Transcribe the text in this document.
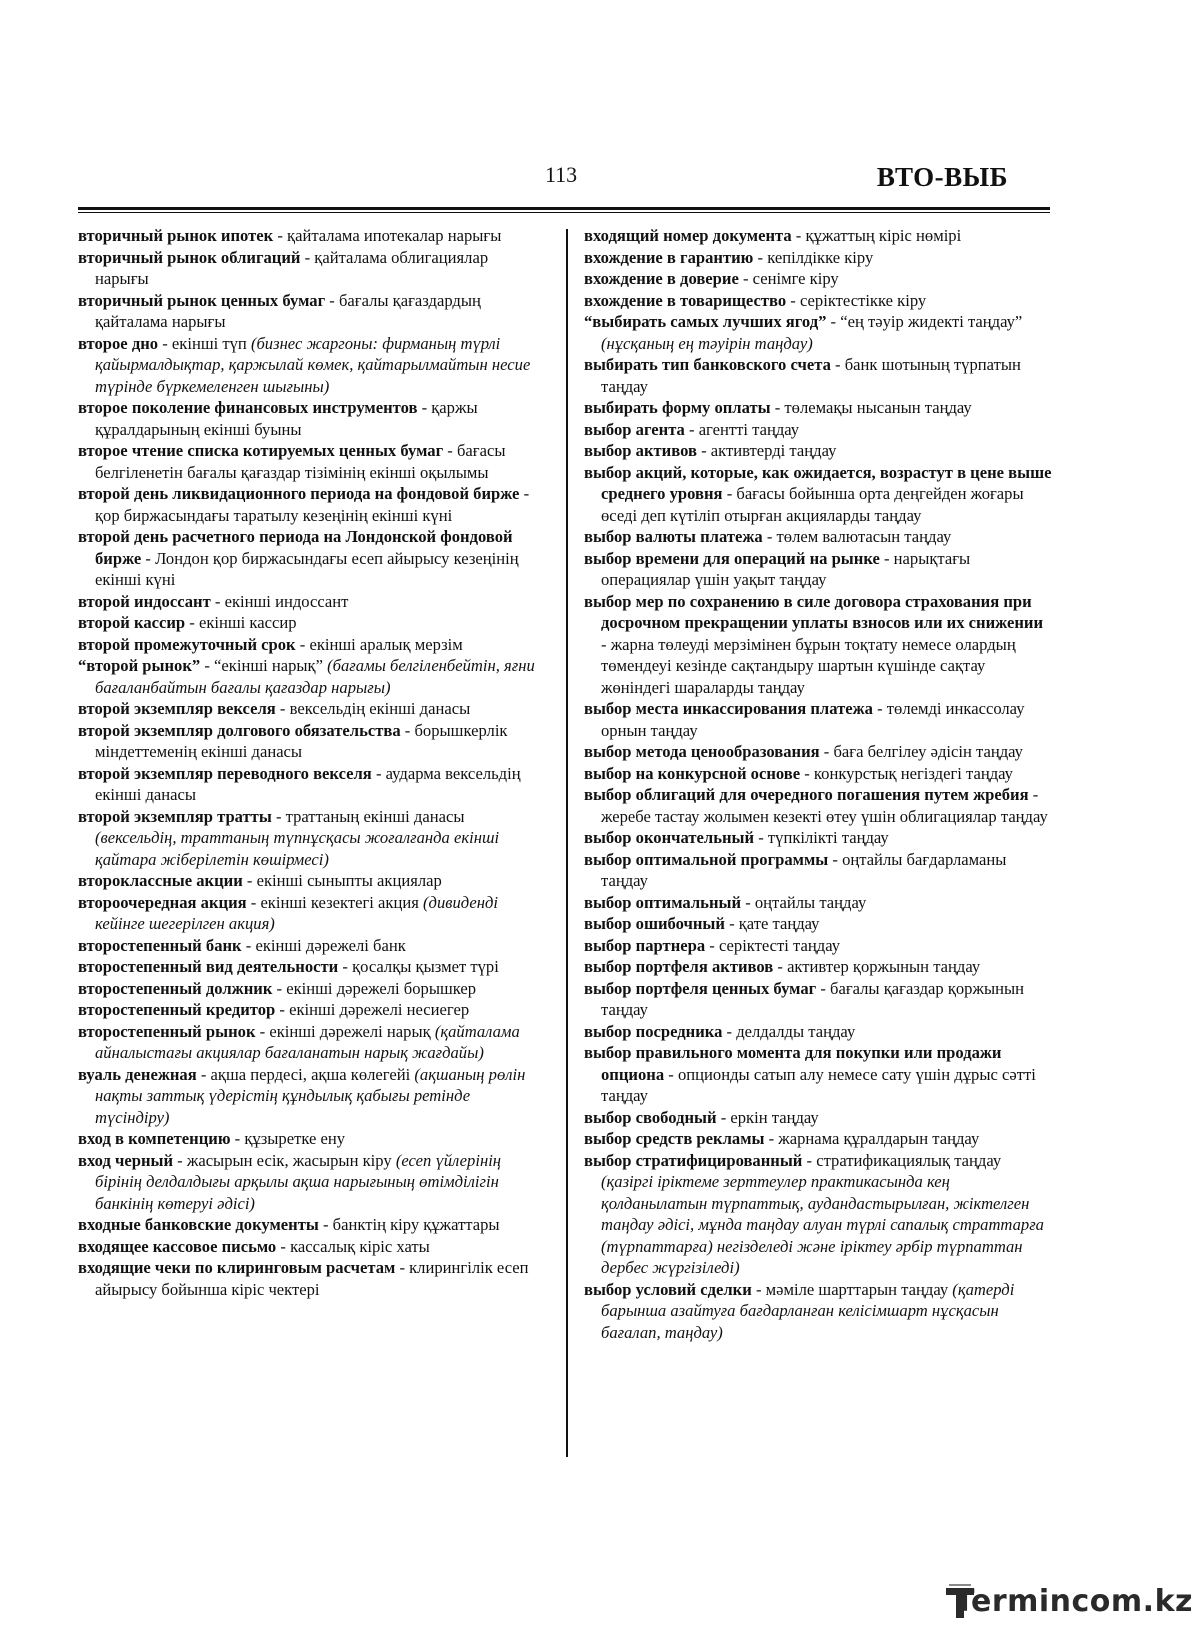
113	ВТО-ВЫБ

вторичный рынок ипотек - қайталама ипотекалар нарығы

вторичный рынок облигаций - қайталама облигациялар нарығы

вторичный рынок ценных бумаг - бағалы қағаздардың қайталама нарығы

второе дно - екінші түп (бизнес жаргоны: фирманың түрлі қайырмалдықтар, қаржылай көмек, қайтарылмайтын несие түрінде бүркемеленген шығыны)

второе поколение финансовых инструментов - қаржы құралдарының екінші буыны

второе чтение списка котируемых ценных бумаг - бағасы белгіленетін бағалы қағаздар тізімінің екінші оқылымы

второй день ликвидационного периода на фондовой бирже - қор биржасындағы таратылу кезеңінің екінші күні

второй день расчетного периода на Лондонской фондовой бирже - Лондон қор биржасындағы есеп айырысу кезеңінің екінші күні

второй индоссант - екінші индоссант

второй кассир - екінші кассир

второй промежуточный срок - екінші аралық мерзім

“второй рынок” - “екінші нарық” (бағамы белгіленбейтін, яғни бағаланбайтын бағалы қағаздар нарығы)

второй экземпляр векселя - вексельдің екінші данасы

второй экземпляр долгового обязательства - борышкерлік міндеттеменің екінші данасы

второй экземпляр переводного векселя - аударма вексельдің екінші данасы

второй экземпляр тратты - траттаның екінші данасы (вексельдің, траттаның түпнұсқасы жоғалғанда екінші қайтара жіберілетін көшірмесі)

второклассные акции - екінші сыныпты акциялар

второочередная акция - екінші кезектегі акция (дивиденді кейінге шегерілген акция)

второстепенный банк - екінші дәрежелі банк

второстепенный вид деятельности - қосалқы қызмет түрі

второстепенный должник - екінші дәрежелі борышкер

второстепенный кредитор - екінші дәрежелі несиегер

второстепенный рынок - екінші дәрежелі нарық (қайталама айналыстағы акциялар бағаланатын нарық жағдайы)

вуаль денежная - ақша пердесі, ақша көлегейі (ақшаның рөлін нақты заттық үдерістің құндылық қабығы ретінде түсіндіру)

вход в компетенцию - құзыретке ену

вход черный - жасырын есік, жасырын кіру (есеп үйлерінің бірінің делдалдығы арқылы ақша нарығының өтімділігін банкінің көтеруі әдісі)

входные банковские документы - банктің кіру құжаттары

входящее кассовое письмо - кассалық кіріс хаты

входящие чеки по клиринговым расчетам - клирингілік есеп айырысу бойынша кіріс чектері

входящий номер документа - құжаттың кіріс нөмірі

вхождение в гарантию - кепілдікке кіру

вхождение в доверие - сенімге кіру

вхождение в товарищество - серіктестікке кіру

“выбирать самых лучших ягод” - “ең тәуір жидекті таңдау” (нұсқаның ең тәуірін таңдау)

выбирать тип банковского счета - банк шотының түрпатын таңдау

выбирать форму оплаты - төлемақы нысанын таңдау

выбор агента - агентті таңдау

выбор активов - активтерді таңдау

выбор акций, которые, как ожидается, возрастут в цене выше среднего уровня - бағасы бойынша орта деңгейден жоғары өседі деп күтіліп отырған акцияларды таңдау

выбор валюты платежа - төлем валютасын таңдау

выбор времени для операций на рынке - нарықтағы операциялар үшін уақыт таңдау

выбор мер по сохранению в силе договора страхования при досрочном прекращении уплаты взносов или их снижении - жарна төлеуді мерзімінен бұрын тоқтату немесе олардың төмендеуі кезінде сақтандыру шартын күшінде сақтау жөніндегі шараларды таңдау

выбор места инкассирования платежа - төлемді инкассолау орнын таңдау

выбор метода ценообразования - баға белгілеу әдісін таңдау

выбор на конкурсной основе - конкурстық негіздегі таңдау

выбор облигаций для очередного погашения путем жребия - жеребе тастау жолымен кезекті өтеу үшін облигациялар таңдау

выбор окончательный - түпкілікті таңдау

выбор оптимальной программы - оңтайлы бағдарламаны таңдау

выбор оптимальный - оңтайлы таңдау

выбор ошибочный - қате таңдау

выбор партнера - серіктесті таңдау

выбор портфеля активов - активтер қоржынын таңдау

выбор портфеля ценных бумаг - бағалы қағаздар қоржынын таңдау

выбор посредника - делдалды таңдау

выбор правильного момента для покупки или продажи опциона - опционды сатып алу немесе сату үшін дұрыс сәтті таңдау

выбор свободный - еркін таңдау

выбор средств рекламы - жарнама құралдарын таңдау

выбор стратифицированный - стратификациялық таңдау (қазіргі іріктеме зерттеулер практикасында кең қолданылатын түрпаттық, аудандастырылған, жіктелген таңдау әдісі, мұнда таңдау алуан түрлі сапалық страттарға (түрпаттарға) негізделеді және іріктеу әрбір түрпаттан дербес жүргізіледі)

выбор условий сделки - мәміле шарттарын таңдау (қатерді барынша азайтуға бағдарланған келісімшарт нұсқасын бағалап, таңдау)

Termincom.kz
